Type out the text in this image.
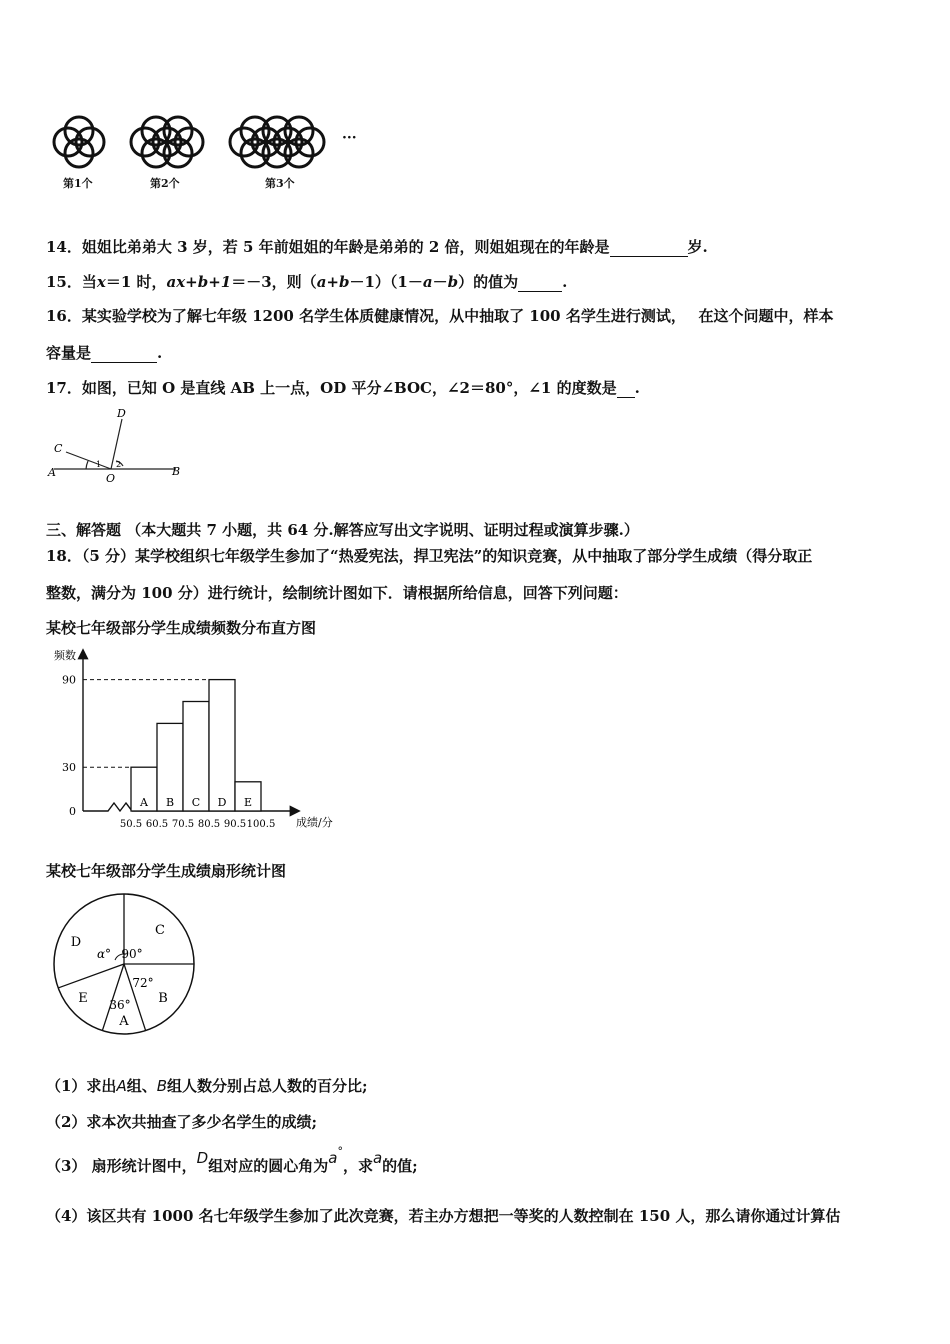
第1个	第2个	第3个
···
14．姐姐比弟弟大 3 岁，若 5 年前姐姐的年龄是弟弟的 2 倍，则姐姐现在的年龄是	岁.
15．当x＝1 时，ax+b+1＝－3，则（a+b－1）（1－a－b）的值为	.
16．某实验学校为了解七年级 1200 名学生体质健康情况，从中抽取了 100 名学生进行测试，　 在这个问题中，样本
容量是	.
17．如图，已知 O 是直线 AB 上一点，OD 平分∠BOC，∠2＝80°，∠1 的度数是 .
A	B
C
D
O
1 2
三、解答题 （本大题共 7 小题，共 64 分.解答应写出文字说明、证明过程或演算步骤.）
18．（5 分）某学校组织七年级学生参加了“热爱宪法，捍卫宪法”的知识竞赛，从中抽取了部分学生成绩（得分取正
整数，满分为 100 分）进行统计，绘制统计图如下．请根据所给信息，回答下列问题：
某校七年级部分学生成绩频数分布直方图
A B C D E
0
30
90
50.5 60.5 70.5 80.5 90.5 100.5
频数
成绩/分
某校七年级部分学生成绩扇形统计图
A
36° B
72°
C
90°
D
α°
E
（1）求出A组、B组人数分别占总人数的百分比;
（2）求本次共抽查了多少名学生的成绩;
（3） 扇形统计图中，D组对应的圆心角为a°，求a的值;
（4）该区共有 1000 名七年级学生参加了此次竞赛，若主办方想把一等奖的人数控制在 150 人，那么请你通过计算估
